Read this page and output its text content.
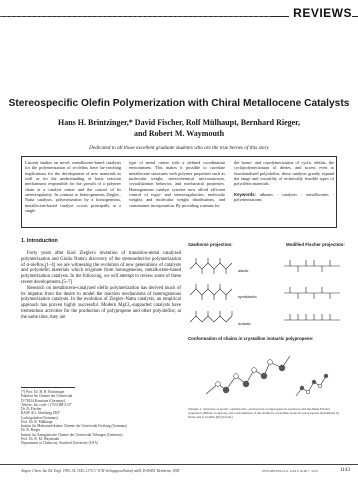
REVIEWS
Stereospecific Olefin Polymerization with Chiral Metallocene Catalysts
Hans H. Brintzinger,* David Fischer, Rolf Mülhaupt, Bernhard Rieger,
and Robert M. Waymouth
Dedicated to all those excellent graduate students who are the true heroes of this story
Current studies on novel, metallocene-based catalysts for the polymerization of α-olefins have far-reaching implications for the development of new materials as well as for the understanding of basic reaction mechanisms responsible for the growth of a polymer chain at a catalyst center and the control of its stereoregularity. In contrast to heterogeneous Ziegler–Natta catalysts, polymerization by a homogeneous, metallocene-based catalyst occurs principally at a single
type of metal center with a defined coordination environment. This makes it possible to correlate metallocene structures with polymer properties such as molecular weight, stereochemical microstructure, crystallization behavior, and mechanical properties. Homogeneous catalyst systems now afford efficient control of regio- and stereoregularities, molecular weights and molecular weight distributions, and comonomer incorporation. By providing a means for
the homo- and copolymerization of cyclic olefins, the cyclopolymerization of dienes, and access even to functionalized polyolefins, these catalysts greatly expand the range and versatility of technically feasible types of polyolefin materials.

Keywords: alkenes · catalysis · metallocenes · polymerizations
1. Introduction

Forty years after Karl Ziegler's invention of transition-metal catalyzed polymerization and Giulio Natta's discovery of the stereoselective polymerization of α-olefins,[1–4] we are witnessing the evolution of new generations of catalysts and polyolefin materials which originate from homogeneous, metallocene-based polymerization catalysts. In the following, we will attempt to review some of these recent developments.[5–7]

Research on metallocene-catalyzed olefin polymerization has derived much of its impetus from the desire to model the reaction mechanisms of heterogeneous polymerization catalysts. In the evolution of Ziegler–Natta catalysts, an empirical approach has proven highly successful. Modern MgCl₂-supported catalysts have tremendous activities for the production of polypropene and other polyolefins; at the same time, they are

[*] Prof. Dr. H. H. Brintzinger
Fakultät für Chemie der Universität
D-78434 Konstanz (Germany)
Telefax: Int. code + (7531)88-3137
Dr. D. Fischer
BASF AG, Abteilung ZKP
Ludwigshafen (Germany)
Prof. Dr. R. Mülhaupt
Institut für Makromolekulare Chemie der Universität Freiburg (Germany)
Dr. B. Rieger
Institut für Anorganische Chemie der Universität Tübingen (Germany)
Prof. Dr. R. M. Waymouth
Department of Chemistry, Stanford University (USA)
Sawhorse projection:	Modified Fischer projection:
atactic
syndiotactic
isotactic
Conformation of chains in crystalline isotactic polypropene:
Scheme 1. Structure of atactic, syndiotactic, and isotactic polypropene in sawhorse and modified Fischer projection [IUPAC notation], and conformation of the chains in crystalline isotactic polypropene determined by Natta and Corradini [8] (bottom).
Angew. Chem. Int. Ed. Engl. 1995, 34, 1143–1170 © VCH Verlagsgesellschaft mbH, D-69451 Weinheim, 1995	0570-0833/95/1111-1143 $ 10.00 + .25/0	1143
